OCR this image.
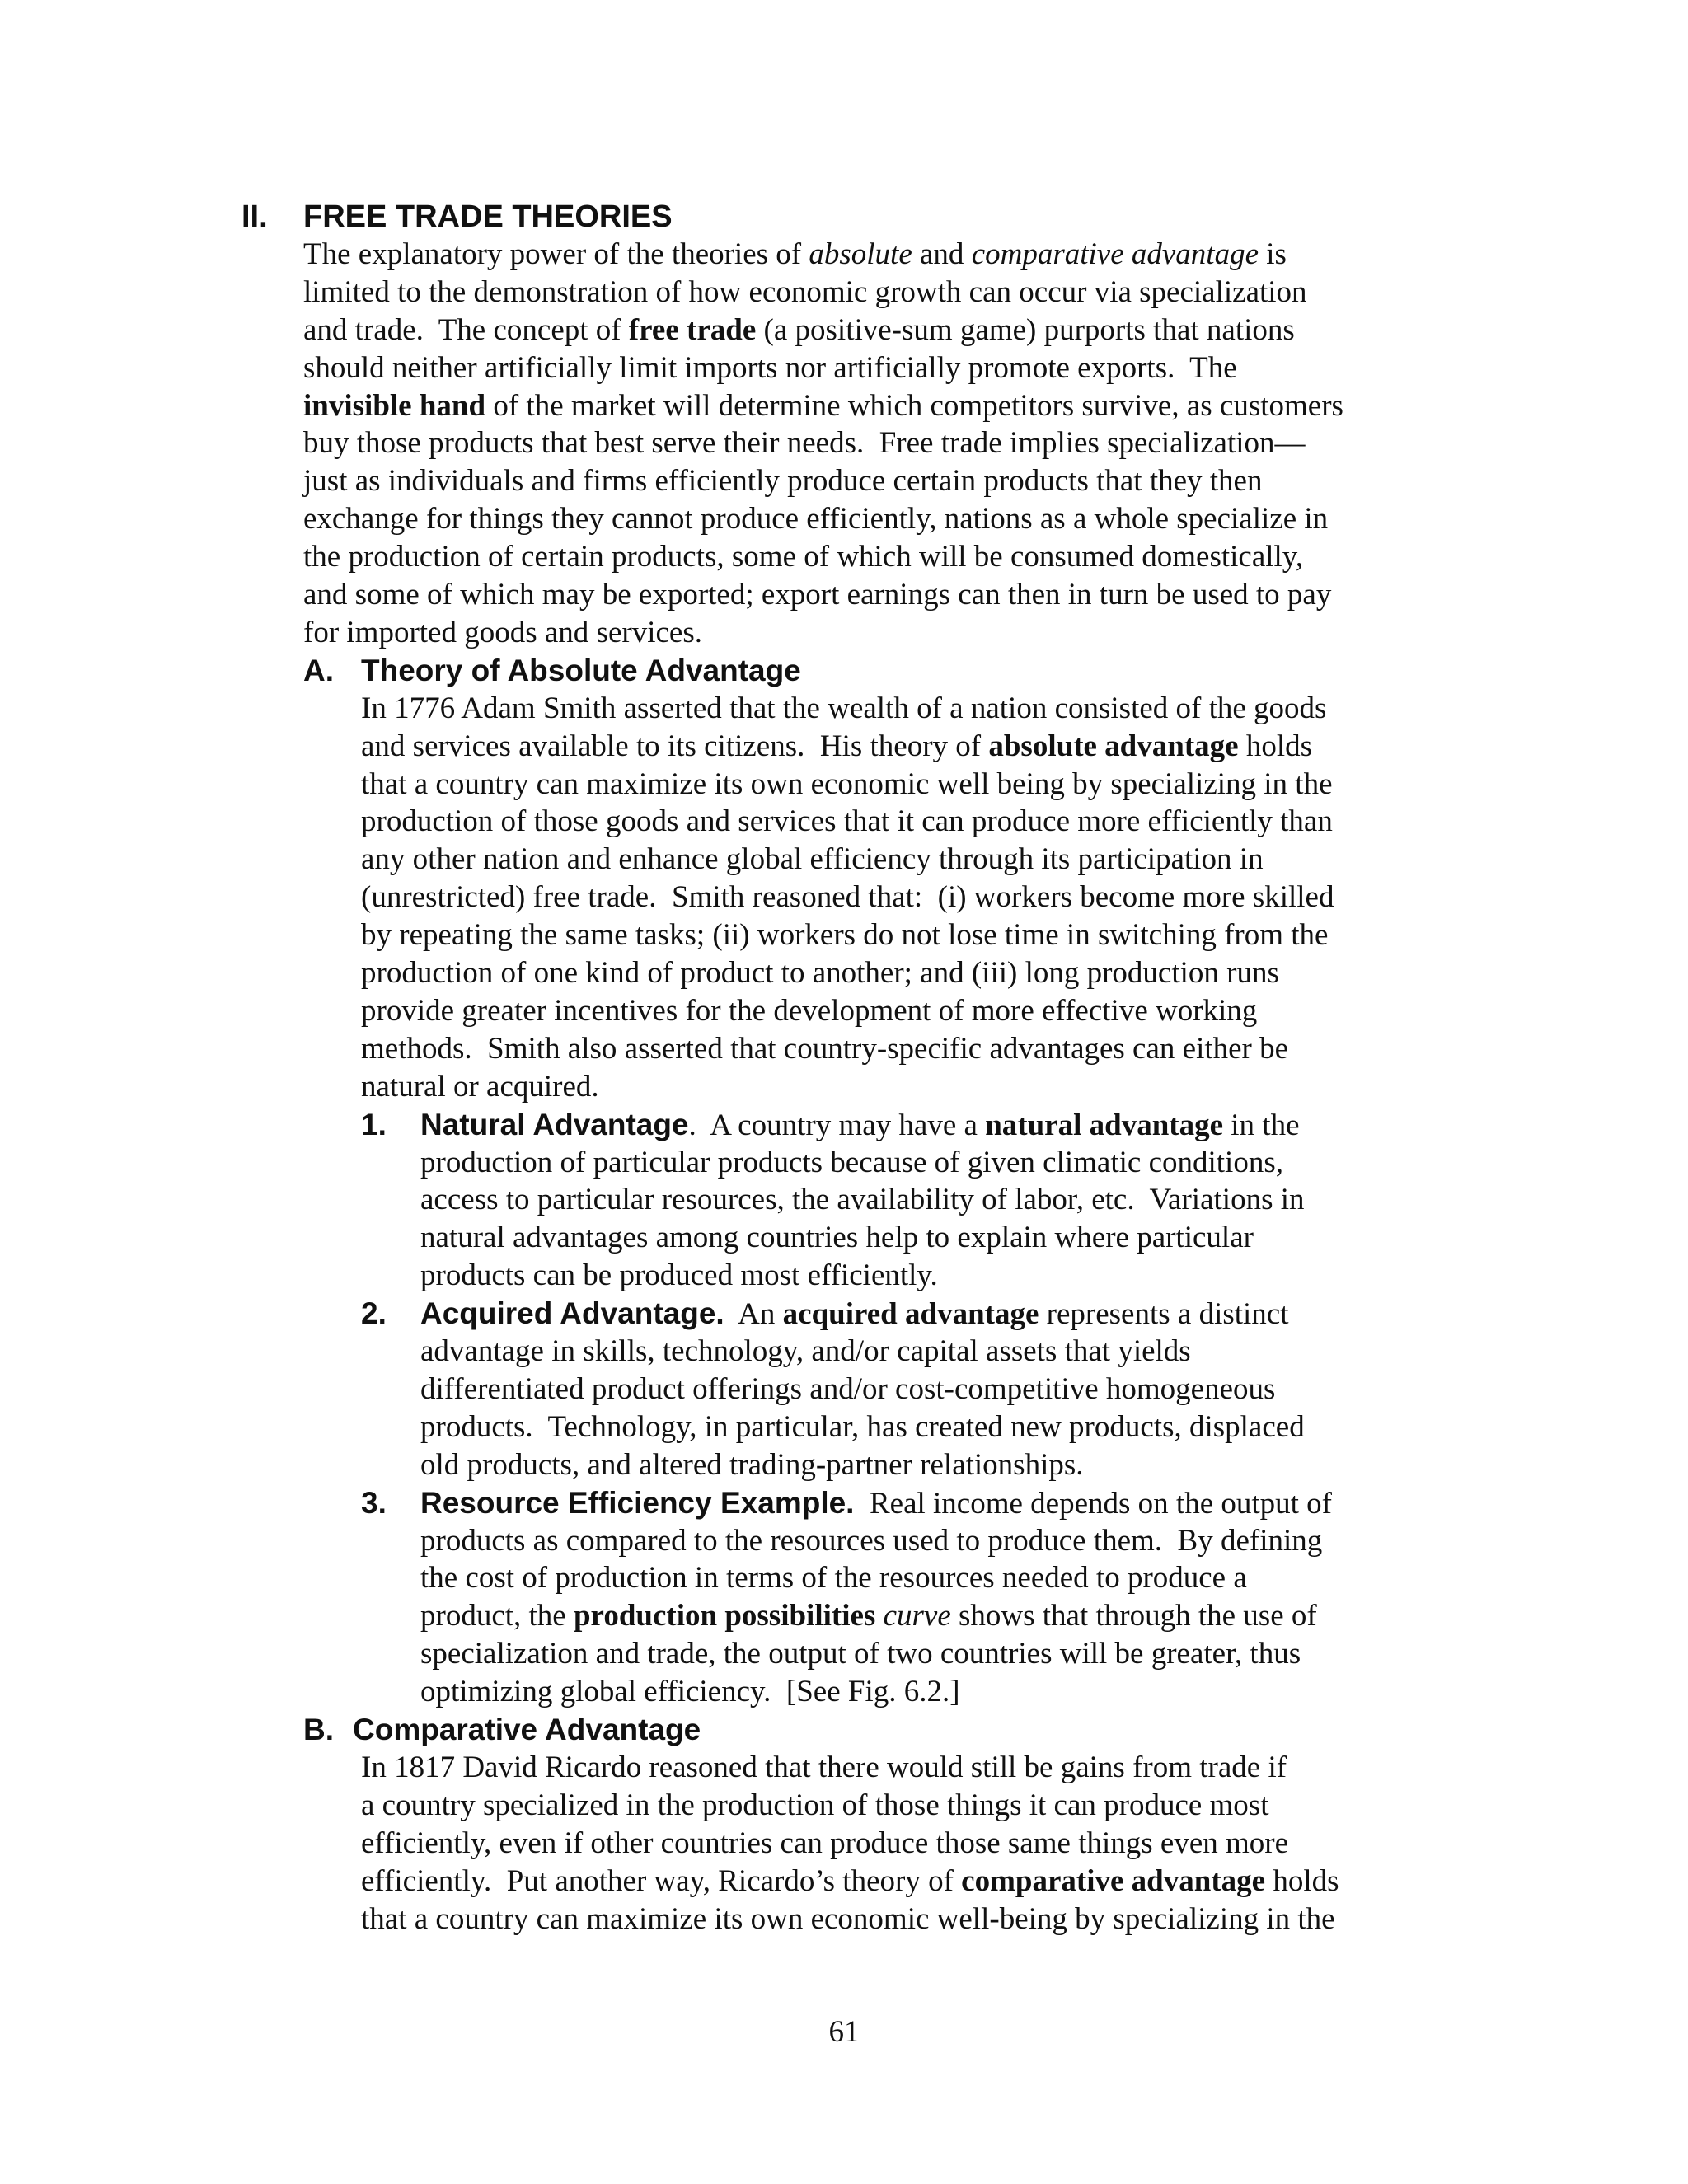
II. FREE TRADE THEORIES
The explanatory power of the theories of absolute and comparative advantage is
limited to the demonstration of how economic growth can occur via specialization
and trade.  The concept of free trade (a positive-sum game) purports that nations
should neither artificially limit imports nor artificially promote exports.  The
invisible hand of the market will determine which competitors survive, as customers
buy those products that best serve their needs.  Free trade implies specialization—
just as individuals and firms efficiently produce certain products that they then
exchange for things they cannot produce efficiently, nations as a whole specialize in
the production of certain products, some of which will be consumed domestically,
and some of which may be exported; export earnings can then in turn be used to pay
for imported goods and services.
A. Theory of Absolute Advantage
In 1776 Adam Smith asserted that the wealth of a nation consisted of the goods
and services available to its citizens.  His theory of absolute advantage holds
that a country can maximize its own economic well being by specializing in the
production of those goods and services that it can produce more efficiently than
any other nation and enhance global efficiency through its participation in
(unrestricted) free trade.  Smith reasoned that:  (i) workers become more skilled
by repeating the same tasks; (ii) workers do not lose time in switching from the
production of one kind of product to another; and (iii) long production runs
provide greater incentives for the development of more effective working
methods.  Smith also asserted that country-specific advantages can either be
natural or acquired.
1. Natural Advantage.  A country may have a natural advantage in the
production of particular products because of given climatic conditions,
access to particular resources, the availability of labor, etc.  Variations in
natural advantages among countries help to explain where particular
products can be produced most efficiently.
2. Acquired Advantage.  An acquired advantage represents a distinct
advantage in skills, technology, and/or capital assets that yields
differentiated product offerings and/or cost-competitive homogeneous
products.  Technology, in particular, has created new products, displaced
old products, and altered trading-partner relationships.
3. Resource Efficiency Example.  Real income depends on the output of
products as compared to the resources used to produce them.  By defining
the cost of production in terms of the resources needed to produce a
product, the production possibilities curve shows that through the use of
specialization and trade, the output of two countries will be greater, thus
optimizing global efficiency.  [See Fig. 6.2.]
B. Comparative Advantage
In 1817 David Ricardo reasoned that there would still be gains from trade if
a country specialized in the production of those things it can produce most
efficiently, even if other countries can produce those same things even more
efficiently.  Put another way, Ricardo’s theory of comparative advantage holds
that a country can maximize its own economic well-being by specializing in the
61
